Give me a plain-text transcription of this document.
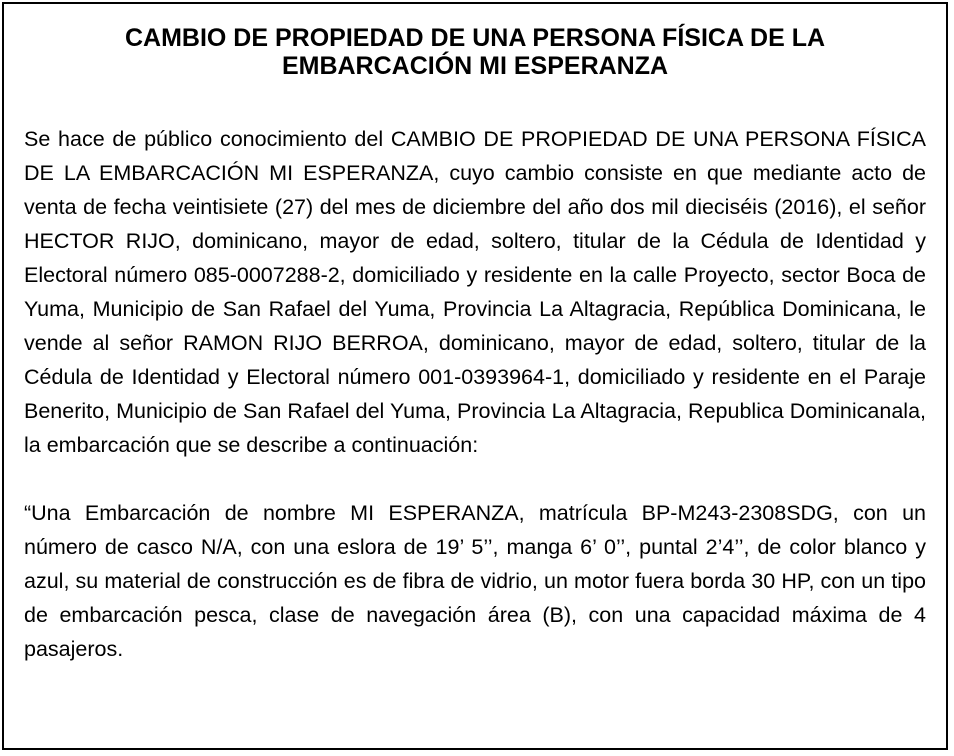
CAMBIO DE PROPIEDAD DE UNA PERSONA FÍSICA DE LA
EMBARCACIÓN MI ESPERANZA

Se hace de público conocimiento del CAMBIO DE PROPIEDAD DE UNA PERSONA FÍSICA DE LA EMBARCACIÓN MI ESPERANZA, cuyo cambio consiste en que mediante acto de venta de fecha veintisiete (27) del mes de diciembre del año dos mil dieciséis (2016), el señor HECTOR RIJO, dominicano, mayor de edad, soltero, titular de la Cédula de Identidad y Electoral número 085-0007288-2, domiciliado y residente en la calle Proyecto, sector Boca de Yuma, Municipio de San Rafael del Yuma, Provincia La Altagracia, República Dominicana, le vende al señor RAMON RIJO BERROA, dominicano, mayor de edad, soltero, titular de la Cédula de Identidad y Electoral número 001-0393964-1, domiciliado y residente en el Paraje Benerito, Municipio de San Rafael del Yuma, Provincia La Altagracia, Republica Dominicanala, la embarcación que se describe a continuación:

“Una Embarcación de nombre MI ESPERANZA, matrícula BP-M243-2308SDG, con un número de casco N/A, con una eslora de 19’ 5’’, manga 6’ 0’’, puntal 2’4’’, de color blanco y azul, su material de construcción es de fibra de vidrio, un motor fuera borda 30 HP, con un tipo de embarcación pesca, clase de navegación área (B), con una capacidad máxima de 4 pasajeros.
